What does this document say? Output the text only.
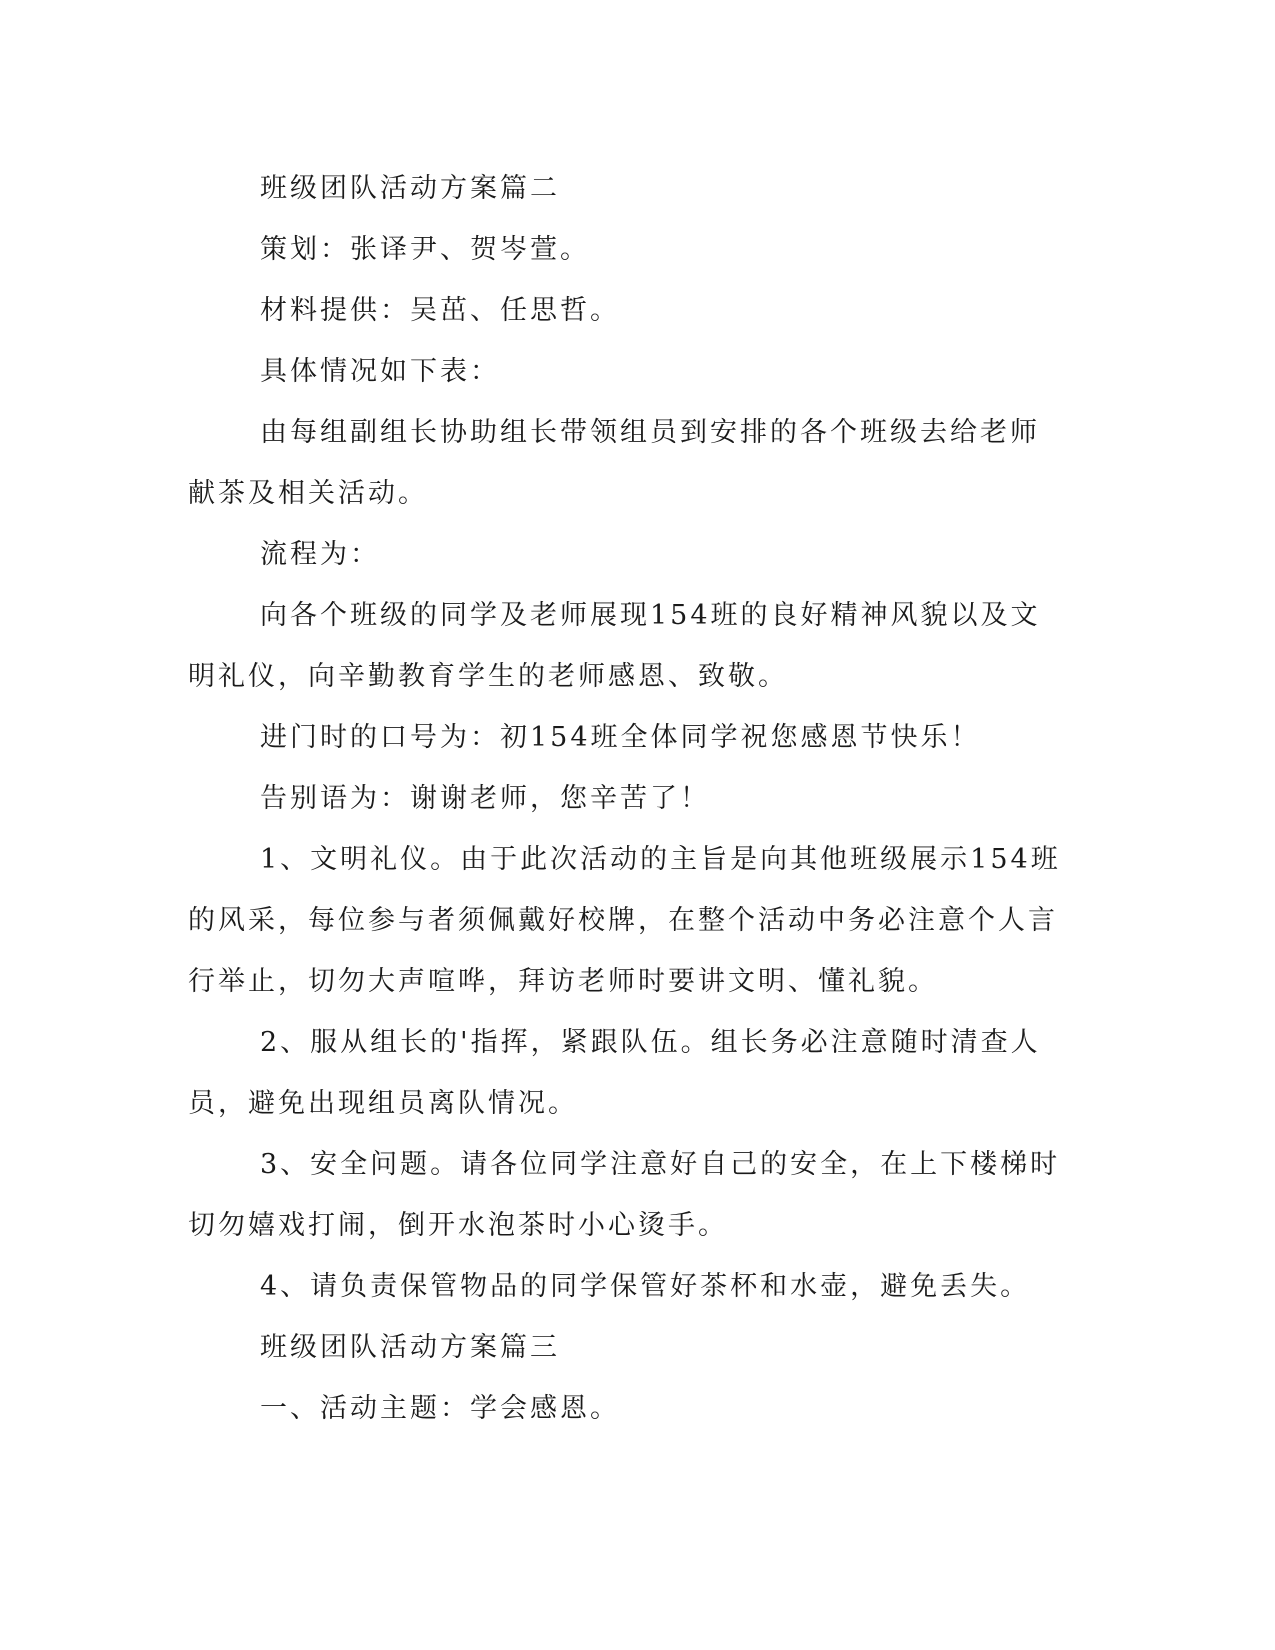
班级团队活动方案篇二

策划：张译尹、贺岑萱。

材料提供：吴茁、任思哲。

具体情况如下表：

由每组副组长协助组长带领组员到安排的各个班级去给老师献茶及相关活动。

流程为：

向各个班级的同学及老师展现154班的良好精神风貌以及文明礼仪，向辛勤教育学生的老师感恩、致敬。

进门时的口号为：初154班全体同学祝您感恩节快乐！

告别语为：谢谢老师，您辛苦了！

1、文明礼仪。由于此次活动的主旨是向其他班级展示154班的风采，每位参与者须佩戴好校牌，在整个活动中务必注意个人言行举止，切勿大声喧哗，拜访老师时要讲文明、懂礼貌。

2、服从组长的'指挥，紧跟队伍。组长务必注意随时清查人员，避免出现组员离队情况。

3、安全问题。请各位同学注意好自己的安全，在上下楼梯时切勿嬉戏打闹，倒开水泡茶时小心烫手。

4、请负责保管物品的同学保管好茶杯和水壶，避免丢失。

班级团队活动方案篇三

一、活动主题：学会感恩。
